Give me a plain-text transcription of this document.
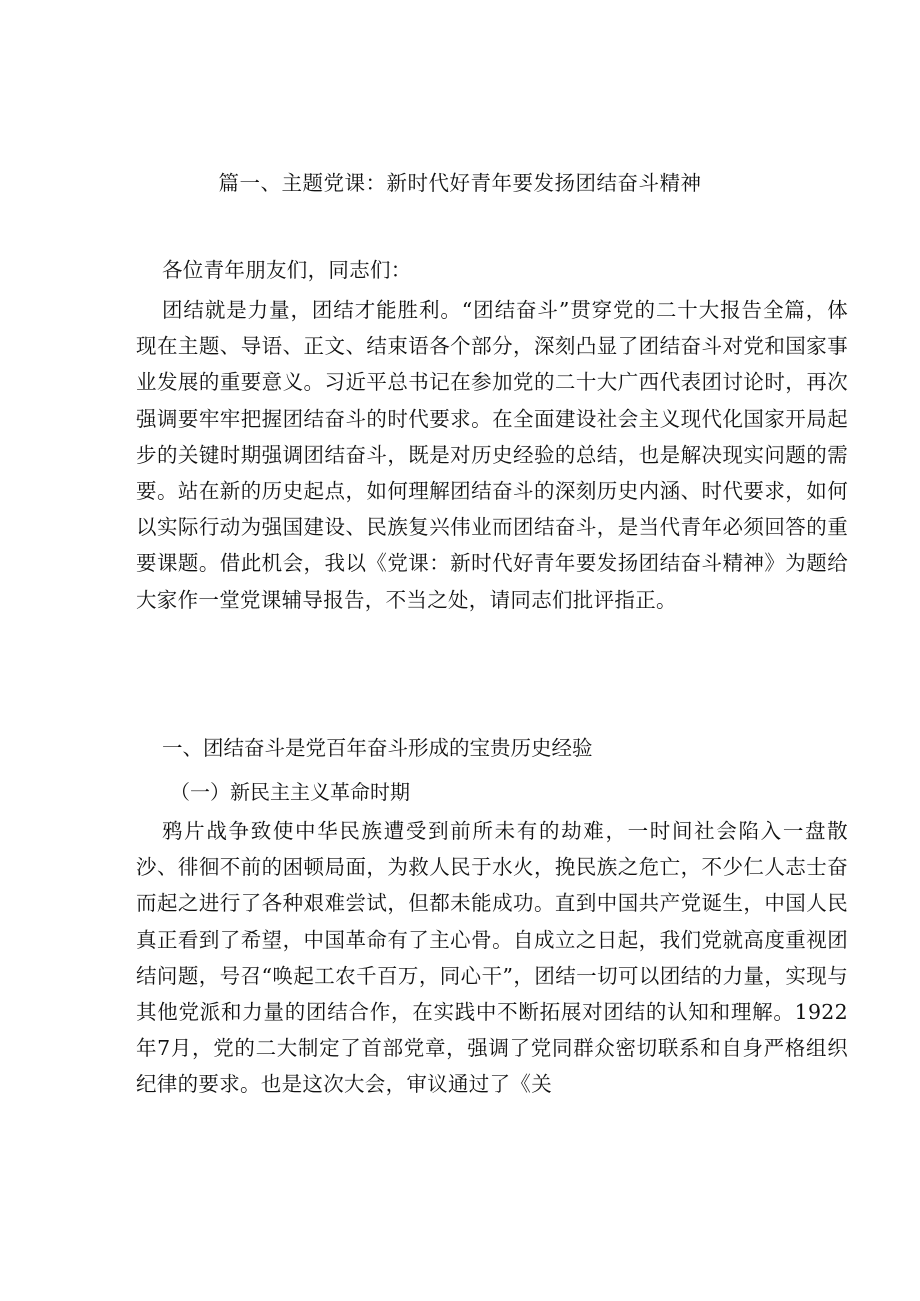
篇一、主题党课：新时代好青年要发扬团结奋斗精神
各位青年朋友们，同志们：
团结就是力量，团结才能胜利。“团结奋斗”贯穿党的二十大报告全篇，体现在主题、导语、正文、结束语各个部分，深刻凸显了团结奋斗对党和国家事业发展的重要意义。习近平总书记在参加党的二十大广西代表团讨论时，再次强调要牢牢把握团结奋斗的时代要求。在全面建设社会主义现代化国家开局起步的关键时期强调团结奋斗，既是对历史经验的总结，也是解决现实问题的需要。站在新的历史起点，如何理解团结奋斗的深刻历史内涵、时代要求，如何以实际行动为强国建设、民族复兴伟业而团结奋斗，是当代青年必须回答的重要课题。借此机会，我以《党课：新时代好青年要发扬团结奋斗精神》为题给大家作一堂党课辅导报告，不当之处，请同志们批评指正。
一、团结奋斗是党百年奋斗形成的宝贵历史经验
（一）新民主主义革命时期
鸦片战争致使中华民族遭受到前所未有的劫难，一时间社会陷入一盘散沙、徘徊不前的困顿局面，为救人民于水火，挽民族之危亡，不少仁人志士奋而起之进行了各种艰难尝试，但都未能成功。直到中国共产党诞生，中国人民真正看到了希望，中国革命有了主心骨。自成立之日起，我们党就高度重视团结问题，号召“唤起工农千百万，同心干”，团结一切可以团结的力量，实现与其他党派和力量的团结合作，在实践中不断拓展对团结的认知和理解。1922年7月，党的二大制定了首部党章，强调了党同群众密切联系和自身严格组织纪律的要求。也是这次大会，审议通过了《关
